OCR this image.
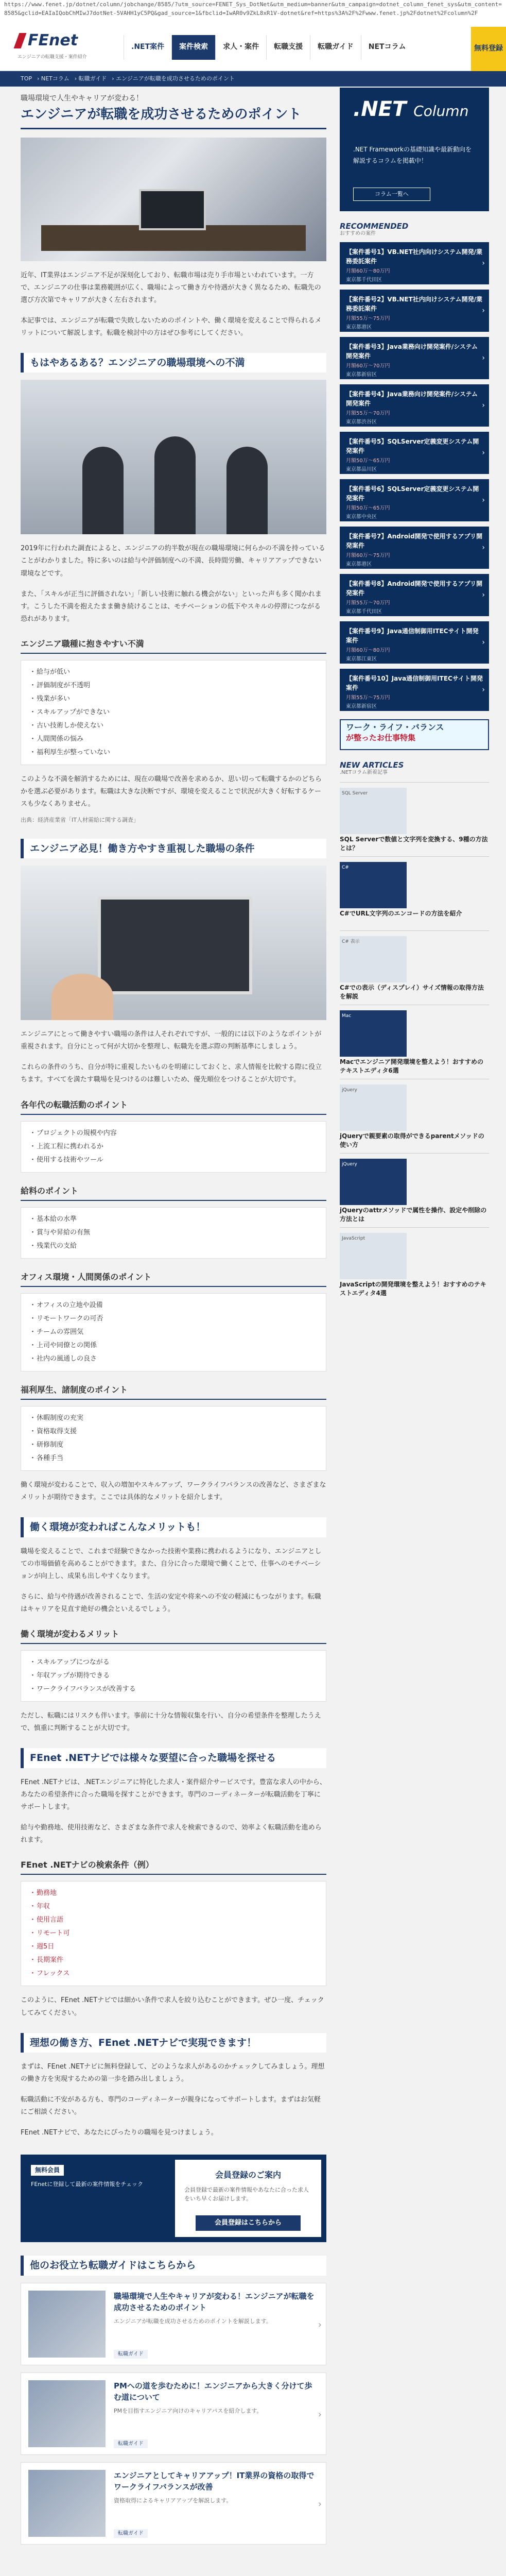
https://www.fenet.jp/dotnet/column/jobchange/8585/?utm_source=FENET_Sys_DotNet&utm_medium=banner&utm_campaign=dotnet_column_fenet_sys&utm_content=8585&gclid=EAIaIQobChMIwJ7dotNet-5VAHH1yC5PQ&gad_source=1&fbclid=IwAR0v9ZkL8xR1V-dotnet&ref=https%3A%2F%2Fwww.fenet.jp%2Fdotnet%2Fcolumn%2F
FEnet
エンジニアの転職支援・案件紹介
.NET案件	案件検索	求人・案件	転職支援	転職ガイド	NETコラム	無料登録
TOP › NETコラム › 転職ガイド › エンジニアが転職を成功させるためのポイント
職場環境で人生やキャリアが変わる！
エンジニアが転職を成功させるためのポイント
近年、IT業界はエンジニア不足が深刻化しており、転職市場は売り手市場といわれています。一方で、エンジニアの仕事は業務範囲が広く、職場によって働き方や待遇が大きく異なるため、転職先の選び方次第でキャリアが大きく左右されます。
本記事では、エンジニアが転職で失敗しないためのポイントや、働く環境を変えることで得られるメリットについて解説します。転職を検討中の方はぜひ参考にしてください。
もはやあるある？エンジニアの職場環境への不満
2019年に行われた調査によると、エンジニアの約半数が現在の職場環境に何らかの不満を持っていることがわかりました。特に多いのは給与や評価制度への不満、長時間労働、キャリアアップできない環境などです。
また、「スキルが正当に評価されない」「新しい技術に触れる機会がない」といった声も多く聞かれます。こうした不満を抱えたまま働き続けることは、モチベーションの低下やスキルの停滞につながる恐れがあります。
エンジニア職種に抱きやすい不満
・ 給与が低い
・ 評価制度が不透明
・ 残業が多い
・ スキルアップができない
・ 古い技術しか使えない
・ 人間関係の悩み
・ 福利厚生が整っていない
このような不満を解消するためには、現在の職場で改善を求めるか、思い切って転職するかのどちらかを選ぶ必要があります。転職は大きな決断ですが、環境を変えることで状況が大きく好転するケースも少なくありません。
出典：経済産業省「IT人材需給に関する調査」
エンジニア必見！働き方やすき重視した職場の条件
エンジニアにとって働きやすい職場の条件は人それぞれですが、一般的には以下のようなポイントが重視されます。自分にとって何が大切かを整理し、転職先を選ぶ際の判断基準にしましょう。
これらの条件のうち、自分が特に重視したいものを明確にしておくと、求人情報を比較する際に役立ちます。すべてを満たす職場を見つけるのは難しいため、優先順位をつけることが大切です。
各年代の転職活動のポイント
・ プロジェクトの規模や内容
・ 上流工程に携われるか
・ 使用する技術やツール
給料のポイント
・ 基本給の水準
・ 賞与や昇給の有無
・ 残業代の支給
オフィス環境・人間関係のポイント
・ オフィスの立地や設備
・ リモートワークの可否
・ チームの雰囲気
・ 上司や同僚との関係
・ 社内の風通しの良さ
福利厚生、諸制度のポイント
・ 休暇制度の充実
・ 資格取得支援
・ 研修制度
・ 各種手当
働く環境が変わることで、収入の増加やスキルアップ、ワークライフバランスの改善など、さまざまなメリットが期待できます。ここでは具体的なメリットを紹介します。
働く環境が変わればこんなメリットも！
職場を変えることで、これまで経験できなかった技術や業務に携われるようになり、エンジニアとしての市場価値を高めることができます。また、自分に合った環境で働くことで、仕事へのモチベーションが向上し、成果も出しやすくなります。
さらに、給与や待遇が改善されることで、生活の安定や将来への不安の軽減にもつながります。転職はキャリアを見直す絶好の機会といえるでしょう。
働く環境が変わるメリット
・ スキルアップにつながる
・ 年収アップが期待できる
・ ワークライフバランスが改善する
ただし、転職にはリスクも伴います。事前に十分な情報収集を行い、自分の希望条件を整理したうえで、慎重に判断することが大切です。
FEnet .NETナビでは様々な要望に合った職場を探せる
FEnet .NETナビは、.NETエンジニアに特化した求人・案件紹介サービスです。豊富な求人の中から、あなたの希望条件に合った職場を探すことができます。専門のコーディネーターが転職活動を丁寧にサポートします。
給与や勤務地、使用技術など、さまざまな条件で求人を検索できるので、効率よく転職活動を進められます。
FEnet .NETナビの検索条件（例）
・ 勤務地
・ 年収
・ 使用言語
・ リモート可
・ 週5日
・ 長期案件
・ フレックス
このように、FEnet .NETナビでは細かい条件で求人を絞り込むことができます。ぜひ一度、チェックしてみてください。
理想の働き方、FEnet .NETナビで実現できます！
まずは、FEnet .NETナビに無料登録して、どのような求人があるのかチェックしてみましょう。理想の働き方を実現するための第一歩を踏み出しましょう。
転職活動に不安がある方も、専門のコーディネーターが親身になってサポートします。まずはお気軽にご相談ください。
FEnet .NETナビで、あなたにぴったりの職場を見つけましょう。
無料会員
FEnetに登録して最新の案件情報をチェック
会員登録のご案内
会員登録で最新の案件情報やあなたに合った求人をいち早くお届けします。
会員登録はこちらから
他のお役立ち転職ガイドはこちらから
職場環境で人生やキャリアが変わる！エンジニアが転職を成功させるためのポイント
エンジニアが転職を成功させるためのポイントを解説します。
転職ガイド
›
PMへの道を歩むために！エンジニアから大きく分けて歩む道について
PMを目指すエンジニア向けのキャリアパスを紹介します。
転職ガイド
›
エンジニアとしてキャリアアップ！IT業界の資格の取得でワークライフバランスが改善
資格取得によるキャリアアップを解説します。
転職ガイド
›
.NET Column
.NET Frameworkの基礎知識や最新動向を解説するコラムを掲載中！
コラム一覧へ
RECOMMENDED
おすすめの案件
【案件番号1】VB.NET社内向けシステム開発/業務委託案件
月額60万〜80万円
東京都千代田区
›
【案件番号2】VB.NET社内向けシステム開発/業務委託案件
月額55万〜75万円
東京都港区
›
【案件番号3】Java業務向け開発案件/システム開発案件
月額60万〜70万円
東京都新宿区
›
【案件番号4】Java業務向け開発案件/システム開発案件
月額55万〜70万円
東京都渋谷区
›
【案件番号5】SQLServer定義変更システム開発案件
月額50万〜65万円
東京都品川区
›
【案件番号6】SQLServer定義変更システム開発案件
月額50万〜65万円
東京都中央区
›
【案件番号7】Android開発で使用するアプリ開発案件
月額60万〜75万円
東京都港区
›
【案件番号8】Android開発で使用するアプリ開発案件
月額55万〜70万円
東京都千代田区
›
【案件番号9】Java通信制御用ITECサイト開発案件
月額60万〜80万円
東京都江東区
›
【案件番号10】Java通信制御用ITECサイト開発案件
月額55万〜75万円
東京都新宿区
›
ワーク・ライフ・バランス
が整ったお仕事特集
NEW ARTICLES
.NETコラム新着記事
SQL Server
SQL Serverで数値と文字列を変換する、9種の方法とは？
C#
C#でURL文字列のエンコードの方法を紹介
C# 表示
C#での表示（ディスプレイ）サイズ情報の取得方法を解説
Mac
Macでエンジニア開発環境を整えよう！おすすめのテキストエディタ6選
jQuery
jQueryで親要素の取得ができるparentメソッドの使い方
jQuery
jQueryのattrメソッドで属性を操作、設定や削除の方法とは
JavaScript
JavaScriptの開発環境を整えよう！おすすめのテキストエディタ4選
